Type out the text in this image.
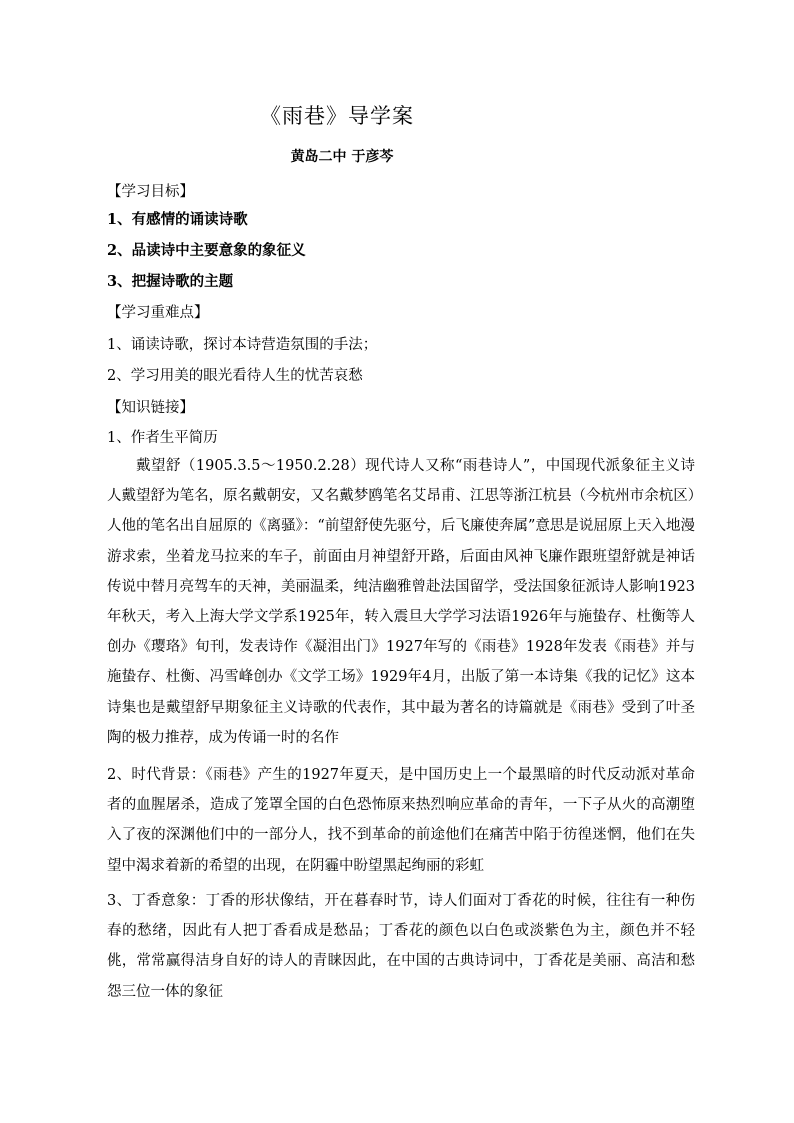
《雨巷》导学案
黄岛二中 于彦芩
【学习目标】
1、有感情的诵读诗歌
2、品读诗中主要意象的象征义
3、把握诗歌的主题
【学习重难点】
1、诵读诗歌，探讨本诗营造氛围的手法；
2、学习用美的眼光看待人生的忧苦哀愁
【知识链接】
1、作者生平简历
戴望舒（1905.3.5～1950.2.28）现代诗人又称“雨巷诗人”，中国现代派象征主义诗人戴望舒为笔名，原名戴朝安，又名戴梦鸥笔名艾昂甫、江思等浙江杭县（今杭州市余杭区）人他的笔名出自屈原的《离骚》：“前望舒使先驱兮，后飞廉使奔属”意思是说屈原上天入地漫游求索，坐着龙马拉来的车子，前面由月神望舒开路，后面由风神飞廉作跟班望舒就是神话传说中替月亮驾车的天神，美丽温柔，纯洁幽雅曾赴法国留学，受法国象征派诗人影响1923年秋天，考入上海大学文学系1925年，转入震旦大学学习法语1926年与施蛰存、杜衡等人创办《璎珞》旬刊，发表诗作《凝泪出门》1927年写的《雨巷》1928年发表《雨巷》并与施蛰存、杜衡、冯雪峰创办《文学工场》1929年4月，出版了第一本诗集《我的记忆》这本诗集也是戴望舒早期象征主义诗歌的代表作，其中最为著名的诗篇就是《雨巷》受到了叶圣陶的极力推荐，成为传诵一时的名作
2、时代背景：《雨巷》产生的1927年夏天，是中国历史上一个最黑暗的时代反动派对革命者的血腥屠杀，造成了笼罩全国的白色恐怖原来热烈响应革命的青年，一下子从火的高潮堕入了夜的深渊他们中的一部分人，找不到革命的前途他们在痛苦中陷于彷徨迷惘，他们在失望中渴求着新的希望的出现，在阴霾中盼望黑起绚丽的彩虹
3、丁香意象：丁香的形状像结，开在暮春时节，诗人们面对丁香花的时候，往往有一种伤春的愁绪，因此有人把丁香看成是愁品；丁香花的颜色以白色或淡紫色为主，颜色并不轻佻，常常赢得洁身自好的诗人的青睐因此，在中国的古典诗词中，丁香花是美丽、高洁和愁怨三位一体的象征
